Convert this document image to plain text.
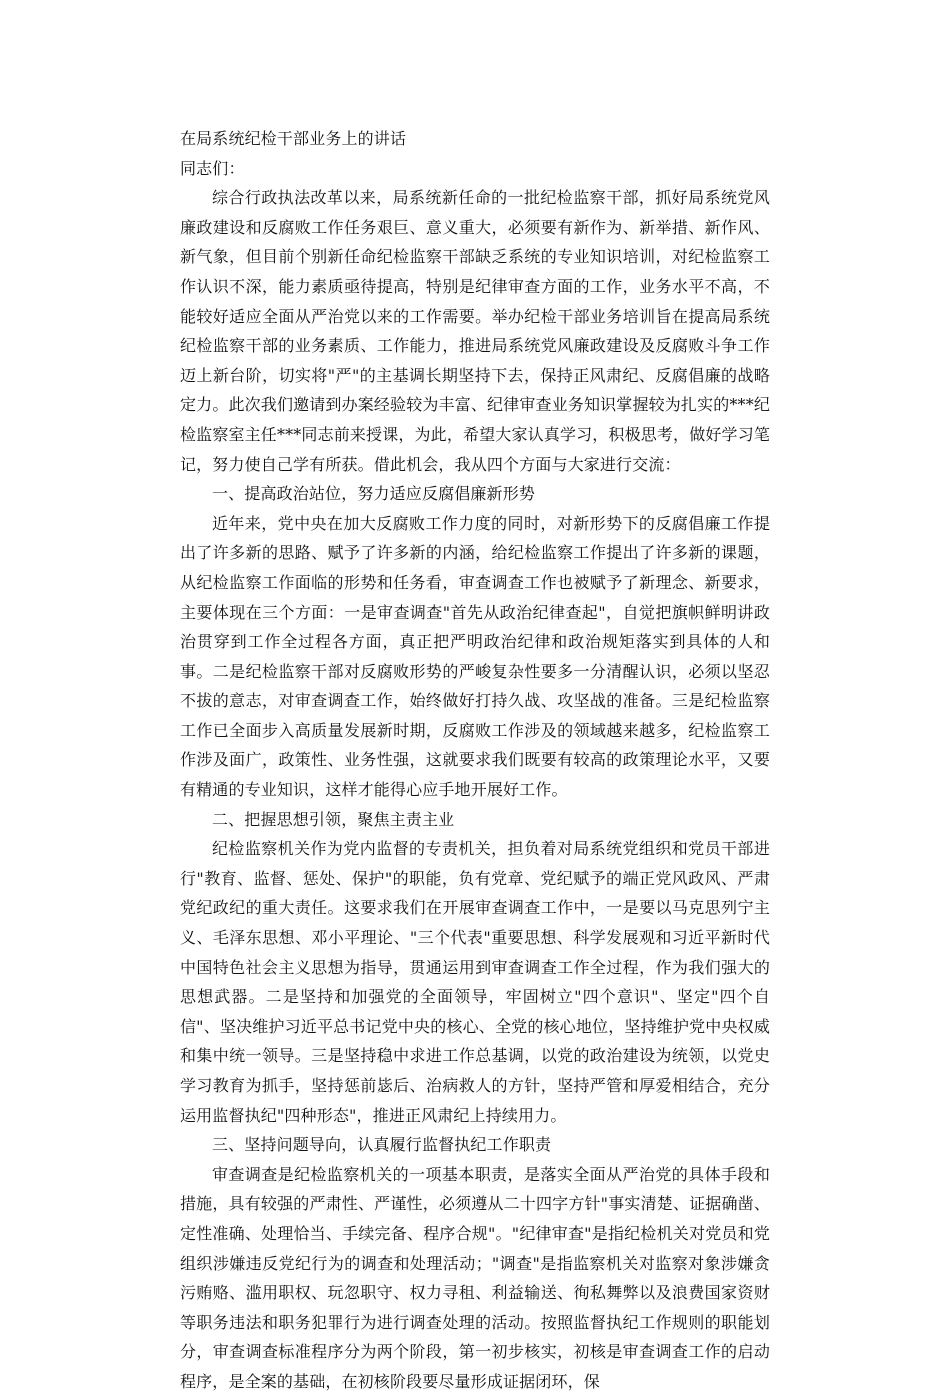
在局系统纪检干部业务上的讲话

同志们：

综合行政执法改革以来，局系统新任命的一批纪检监察干部，抓好局系统党风廉政建设和反腐败工作任务艰巨、意义重大，必须要有新作为、新举措、新作风、新气象，但目前个别新任命纪检监察干部缺乏系统的专业知识培训，对纪检监察工作认识不深，能力素质亟待提高，特别是纪律审查方面的工作，业务水平不高，不能较好适应全面从严治党以来的工作需要。举办纪检干部业务培训旨在提高局系统纪检监察干部的业务素质、工作能力，推进局系统党风廉政建设及反腐败斗争工作迈上新台阶，切实将"严"的主基调长期坚持下去，保持正风肃纪、反腐倡廉的战略定力。此次我们邀请到办案经验较为丰富、纪律审查业务知识掌握较为扎实的***纪检监察室主任***同志前来授课，为此，希望大家认真学习，积极思考，做好学习笔记，努力使自己学有所获。借此机会，我从四个方面与大家进行交流：

一、提高政治站位，努力适应反腐倡廉新形势

近年来，党中央在加大反腐败工作力度的同时，对新形势下的反腐倡廉工作提出了许多新的思路、赋予了许多新的内涵，给纪检监察工作提出了许多新的课题，从纪检监察工作面临的形势和任务看，审查调查工作也被赋予了新理念、新要求，主要体现在三个方面：一是审查调查"首先从政治纪律查起"，自觉把旗帜鲜明讲政治贯穿到工作全过程各方面，真正把严明政治纪律和政治规矩落实到具体的人和事。二是纪检监察干部对反腐败形势的严峻复杂性要多一分清醒认识，必须以坚忍不拔的意志，对审查调查工作，始终做好打持久战、攻坚战的准备。三是纪检监察工作已全面步入高质量发展新时期，反腐败工作涉及的领域越来越多，纪检监察工作涉及面广，政策性、业务性强，这就要求我们既要有较高的政策理论水平，又要有精通的专业知识，这样才能得心应手地开展好工作。

二、把握思想引领，聚焦主责主业

纪检监察机关作为党内监督的专责机关，担负着对局系统党组织和党员干部进行"教育、监督、惩处、保护"的职能，负有党章、党纪赋予的端正党风政风、严肃党纪政纪的重大责任。这要求我们在开展审查调查工作中，一是要以马克思列宁主义、毛泽东思想、邓小平理论、"三个代表"重要思想、科学发展观和习近平新时代中国特色社会主义思想为指导，贯通运用到审查调查工作全过程，作为我们强大的思想武器。二是坚持和加强党的全面领导，牢固树立"四个意识"、坚定"四个自信"、坚决维护习近平总书记党中央的核心、全党的核心地位，坚持维护党中央权威和集中统一领导。三是坚持稳中求进工作总基调，以党的政治建设为统领，以党史学习教育为抓手，坚持惩前毖后、治病救人的方针，坚持严管和厚爱相结合，充分运用监督执纪"四种形态"，推进正风肃纪上持续用力。

三、坚持问题导向，认真履行监督执纪工作职责

审查调查是纪检监察机关的一项基本职责，是落实全面从严治党的具体手段和措施，具有较强的严肃性、严谨性，必须遵从二十四字方针"事实清楚、证据确凿、定性准确、处理恰当、手续完备、程序合规"。"纪律审查"是指纪检机关对党员和党组织涉嫌违反党纪行为的调查和处理活动；"调查"是指监察机关对监察对象涉嫌贪污贿赂、滥用职权、玩忽职守、权力寻租、利益输送、徇私舞弊以及浪费国家资财等职务违法和职务犯罪行为进行调查处理的活动。按照监督执纪工作规则的职能划分，审查调查标准程序分为两个阶段，第一初步核实，初核是审查调查工作的启动程序，是全案的基础，在初核阶段要尽量形成证据闭环，保
